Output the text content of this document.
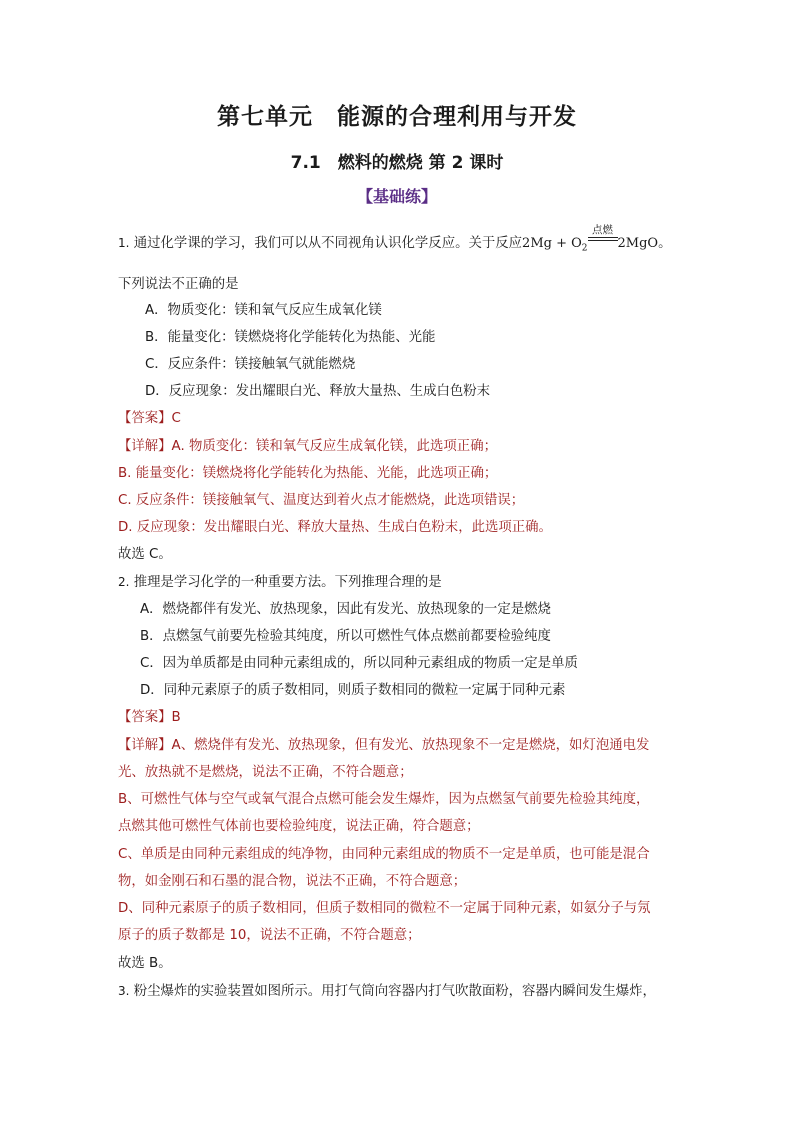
第七单元　能源的合理利用与开发
7.1　燃料的燃烧 第 2 课时
【基础练】
1. 通过化学课的学习，我们可以从不同视角认识化学反应。关于反应$2Mg + O_2$
点燃
2MgO。
下列说法不正确的是
A．物质变化：镁和氧气反应生成氧化镁
B．能量变化：镁燃烧将化学能转化为热能、光能
C．反应条件：镁接触氧气就能燃烧
D．反应现象：发出耀眼白光、释放大量热、生成白色粉末
【答案】C
【详解】A. 物质变化：镁和氧气反应生成氧化镁，此选项正确；
B. 能量变化：镁燃烧将化学能转化为热能、光能，此选项正确；
C. 反应条件：镁接触氧气、温度达到着火点才能燃烧，此选项错误；
D. 反应现象：发出耀眼白光、释放大量热、生成白色粉末，此选项正确。
故选 C。
2. 推理是学习化学的一种重要方法。下列推理合理的是
A．燃烧都伴有发光、放热现象，因此有发光、放热现象的一定是燃烧
B．点燃氢气前要先检验其纯度，所以可燃性气体点燃前都要检验纯度
C．因为单质都是由同种元素组成的，所以同种元素组成的物质一定是单质
D．同种元素原子的质子数相同，则质子数相同的微粒一定属于同种元素
【答案】B
【详解】A、燃烧伴有发光、放热现象，但有发光、放热现象不一定是燃烧，如灯泡通电发
光、放热就不是燃烧，说法不正确，不符合题意；
B、可燃性气体与空气或氧气混合点燃可能会发生爆炸，因为点燃氢气前要先检验其纯度，
点燃其他可燃性气体前也要检验纯度，说法正确，符合题意；
C、单质是由同种元素组成的纯净物，由同种元素组成的物质不一定是单质，也可能是混合
物，如金刚石和石墨的混合物，说法不正确，不符合题意；
D、同种元素原子的质子数相同，但质子数相同的微粒不一定属于同种元素，如氨分子与氖
原子的质子数都是 10，说法不正确，不符合题意；
故选 B。
3. 粉尘爆炸的实验装置如图所示。用打气筒向容器内打气吹散面粉，容器内瞬间发生爆炸，
